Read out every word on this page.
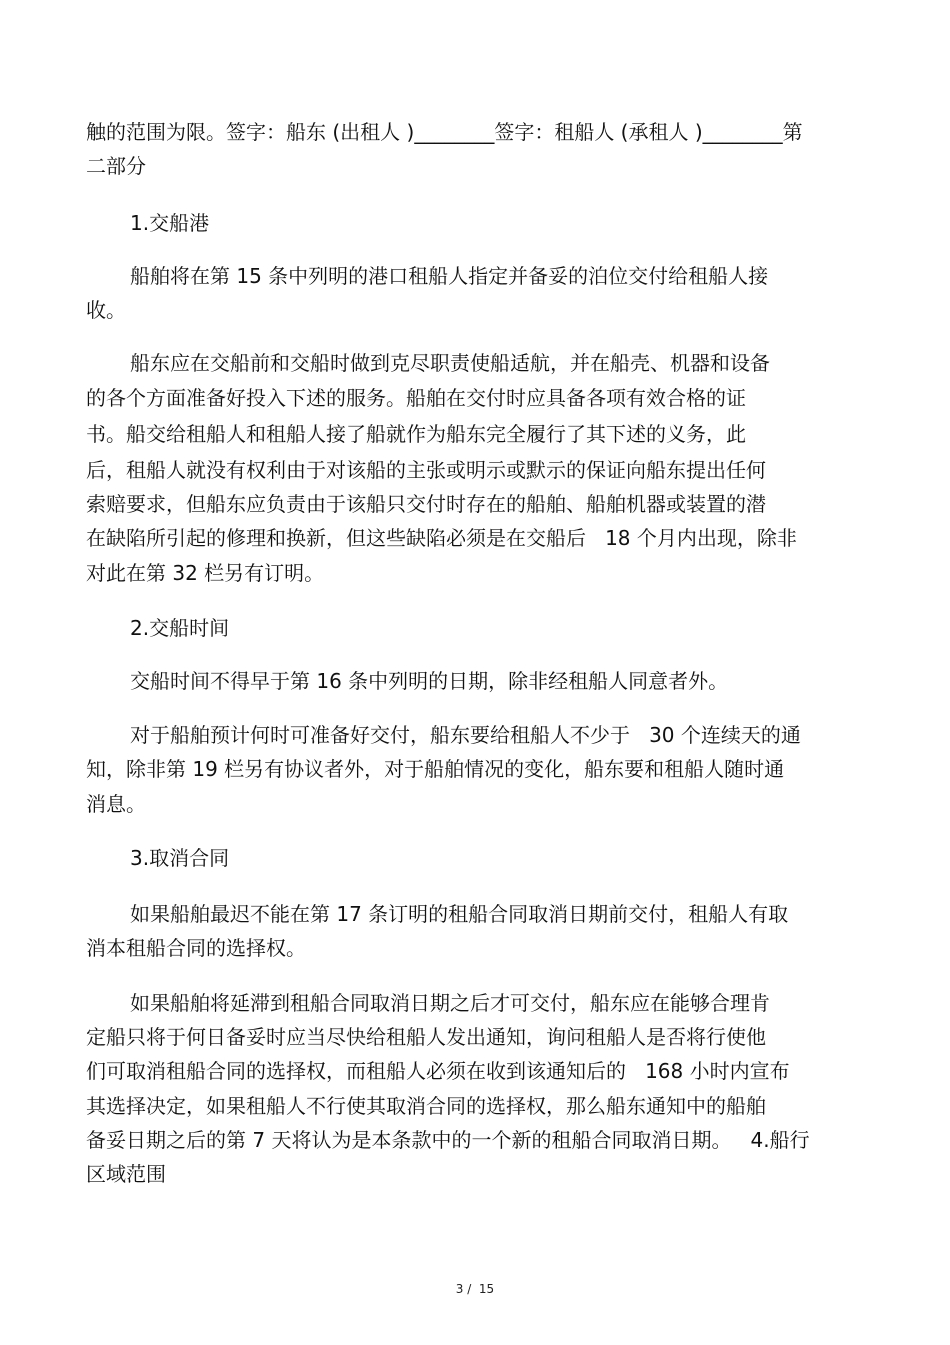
触的范围为限。签字：船东 (出租人 )________签字：租船人 (承租人 )________第
二部分
1.交船港
船舶将在第 15 条中列明的港口租船人指定并备妥的泊位交付给租船人接
收。
船东应在交船前和交船时做到克尽职责使船适航，并在船壳、机器和设备
的各个方面准备好投入下述的服务。船舶在交付时应具备各项有效合格的证
书。船交给租船人和租船人接了船就作为船东完全履行了其下述的义务，此
后，租船人就没有权利由于对该船的主张或明示或默示的保证向船东提出任何
索赔要求，但船东应负责由于该船只交付时存在的船舶、船舶机器或装置的潜
在缺陷所引起的修理和换新，但这些缺陷必须是在交船后   18 个月内出现，除非
对此在第 32 栏另有订明。
2.交船时间
交船时间不得早于第 16 条中列明的日期，除非经租船人同意者外。
对于船舶预计何时可准备好交付，船东要给租船人不少于   30 个连续天的通
知，除非第 19 栏另有协议者外，对于船舶情况的变化，船东要和租船人随时通
消息。
3.取消合同
如果船舶最迟不能在第 17 条订明的租船合同取消日期前交付，租船人有取
消本租船合同的选择权。
如果船舶将延滞到租船合同取消日期之后才可交付，船东应在能够合理肯
定船只将于何日备妥时应当尽快给租船人发出通知，询问租船人是否将行使他
们可取消租船合同的选择权，而租船人必须在收到该通知后的   168 小时内宣布
其选择决定，如果租船人不行使其取消合同的选择权，那么船东通知中的船舶
备妥日期之后的第 7 天将认为是本条款中的一个新的租船合同取消日期。   4.船行
区域范围
3 /  15
